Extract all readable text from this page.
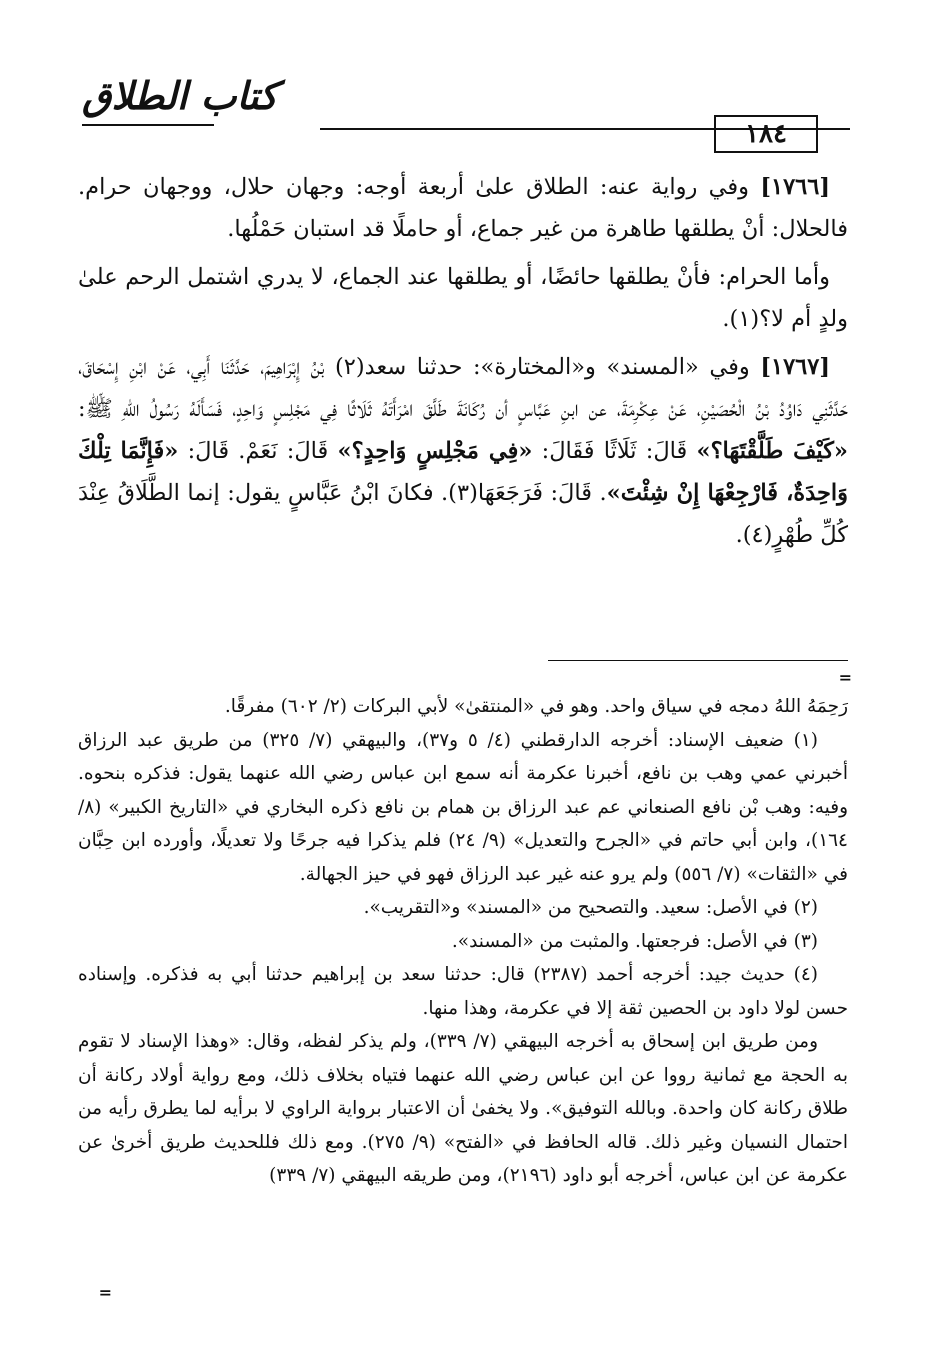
كتاب الطلاق
١٨٤

[١٧٦٦] وفي رواية عنه: الطلاق علىٰ أربعة أوجه: وجهان حلال، ووجهان حرام. فالحلال: أنْ يطلقها طاهرة من غير جماع، أو حاملًا قد استبان حَمْلُها.

وأما الحرام: فأنْ يطلقها حائضًا، أو يطلقها عند الجماع، لا يدري اشتمل الرحم علىٰ ولدٍ أم لا؟(١).

[١٧٦٧] وفي «المسند» و«المختارة»: حدثنا سعد(٢) بْنُ إِبْرَاهِيمَ، حَدَّثَنَا أَبِي، عَنْ ابْنِ إِسْحَاقَ، حَدَّثَنِي دَاوُدُ بْنُ الْحُصَيْنِ، عَنْ عِكْرِمَةَ، عن ابنِ عَبَّاسٍ أن رُكَانَةَ طَلَّقَ امْرَأَتَهُ ثَلَاثًا فِي مَجْلِسٍ وَاحِدٍ، فَسَأَلَهُ رَسُولُ اللهِ ﷺ: «كَيْفَ طَلَّقْتَهَا؟» قَالَ: ثَلَاثًا فَقَالَ: «فِي مَجْلِسٍ وَاحِدٍ؟» قَالَ: نَعَمْ. قَالَ: «فَإِنَّمَا تِلْكَ وَاحِدَةٌ، فَارْجِعْهَا إِنْ شِئْتَ». قَالَ: فَرَجَعَهَا(٣). فكانَ ابْنُ عَبَّاسٍ يقول: إنما الطَّلَاقُ عِنْدَ كُلِّ طُهْرٍ(٤).

=

رَحِمَهُ اللهُ دمجه في سياق واحد. وهو في «المنتقىٰ» لأبي البركات (٢/ ٦٠٢) مفرقًا.

(١) ضعيف الإسناد: أخرجه الدارقطني (٤/ ٥ و٣٧)، والبيهقي (٧/ ٣٢٥) من طريق عبد الرزاق أخبرني عمي وهب بن نافع، أخبرنا عكرمة أنه سمع ابن عباس رضي الله عنهما يقول: فذكره بنحوه. وفيه: وهب بْن نافع الصنعاني عم عبد الرزاق بن همام بن نافع ذكره البخاري في «التاريخ الكبير» (٨/ ١٦٤)، وابن أبي حاتم في «الجرح والتعديل» (٩/ ٢٤) فلم يذكرا فيه جرحًا ولا تعديلًا، وأورده ابن حِبَّان في «الثقات» (٧/ ٥٥٦) ولم يرو عنه غير عبد الرزاق فهو في حيز الجهالة.

(٢) في الأصل: سعيد. والتصحيح من «المسند» و«التقريب».

(٣) في الأصل: فرجعتها. والمثبت من «المسند».

(٤) حديث جيد: أخرجه أحمد (٢٣٨٧) قال: حدثنا سعد بن إبراهيم حدثنا أبي به فذكره. وإسناده حسن لولا داود بن الحصين ثقة إلا في عكرمة، وهذا منها.

ومن طريق ابن إسحاق به أخرجه البيهقي (٧/ ٣٣٩)، ولم يذكر لفظه، وقال: «وهذا الإسناد لا تقوم به الحجة مع ثمانية رووا عن ابن عباس رضي الله عنهما فتياه بخلاف ذلك، ومع رواية أولاد ركانة أن طلاق ركانة كان واحدة. وبالله التوفيق». ولا يخفىٰ أن الاعتبار برواية الراوي لا برأيه لما يطرق رأيه من احتمال النسيان وغير ذلك. قاله الحافظ في «الفتح» (٩/ ٢٧٥). ومع ذلك فللحديث طريق أخرىٰ عن عكرمة عن ابن عباس، أخرجه أبو داود (٢١٩٦)، ومن طريقه البيهقي (٧/ ٣٣٩)

=
